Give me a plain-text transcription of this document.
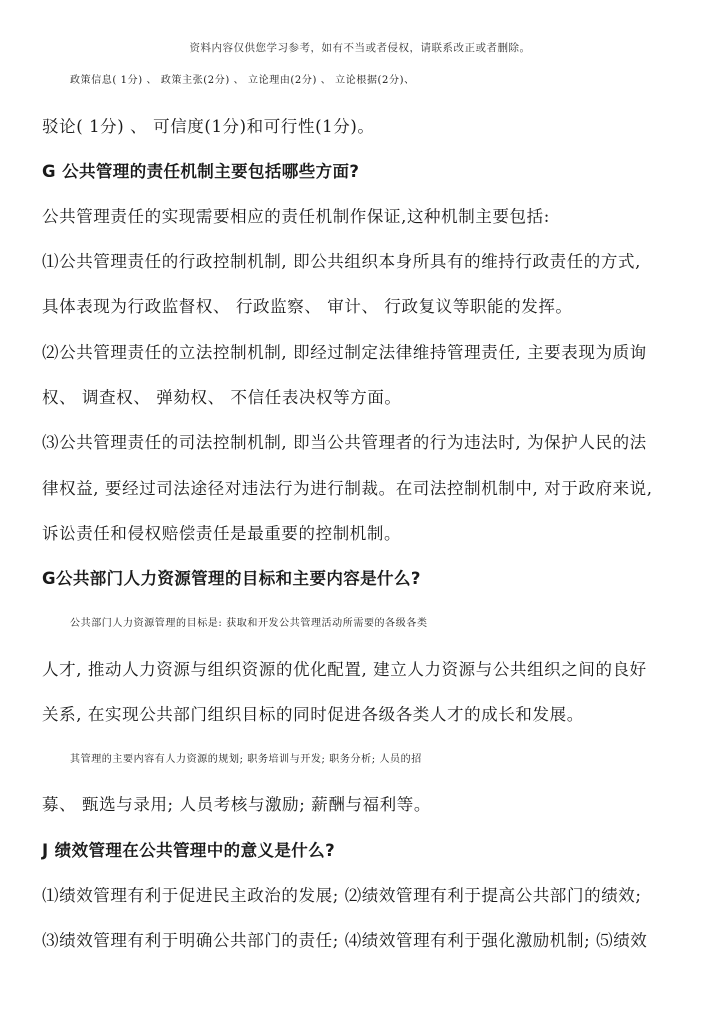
资料内容仅供您学习参考，如有不当或者侵权，请联系改正或者删除。
政策信息( 1分) 、 政策主张(2分) 、 立论理由(2分) 、 立论根据(2分)、
驳论( 1分) 、 可信度(1分)和可行性(1分)。
G 公共管理的责任机制主要包括哪些方面?
公共管理责任的实现需要相应的责任机制作保证,这种机制主要包括:
⑴公共管理责任的行政控制机制, 即公共组织本身所具有的维持行政责任的方式,
具体表现为行政监督权、 行政监察、 审计、 行政复议等职能的发挥。
⑵公共管理责任的立法控制机制, 即经过制定法律维持管理责任, 主要表现为质询
权、 调查权、 弹劾权、 不信任表决权等方面。
⑶公共管理责任的司法控制机制, 即当公共管理者的行为违法时, 为保护人民的法
律权益, 要经过司法途径对违法行为进行制裁。在司法控制机制中, 对于政府来说,
诉讼责任和侵权赔偿责任是最重要的控制机制。
G公共部门人力资源管理的目标和主要内容是什么?
公共部门人力资源管理的目标是: 获取和开发公共管理活动所需要的各级各类
人才, 推动人力资源与组织资源的优化配置, 建立人力资源与公共组织之间的良好
关系, 在实现公共部门组织目标的同时促进各级各类人才的成长和发展。
其管理的主要内容有人力资源的规划; 职务培训与开发; 职务分析; 人员的招
募、 甄选与录用; 人员考核与激励; 薪酬与福利等。
J 绩效管理在公共管理中的意义是什么?
⑴绩效管理有利于促进民主政治的发展; ⑵绩效管理有利于提高公共部门的绩效;
⑶绩效管理有利于明确公共部门的责任; ⑷绩效管理有利于强化激励机制; ⑸绩效
